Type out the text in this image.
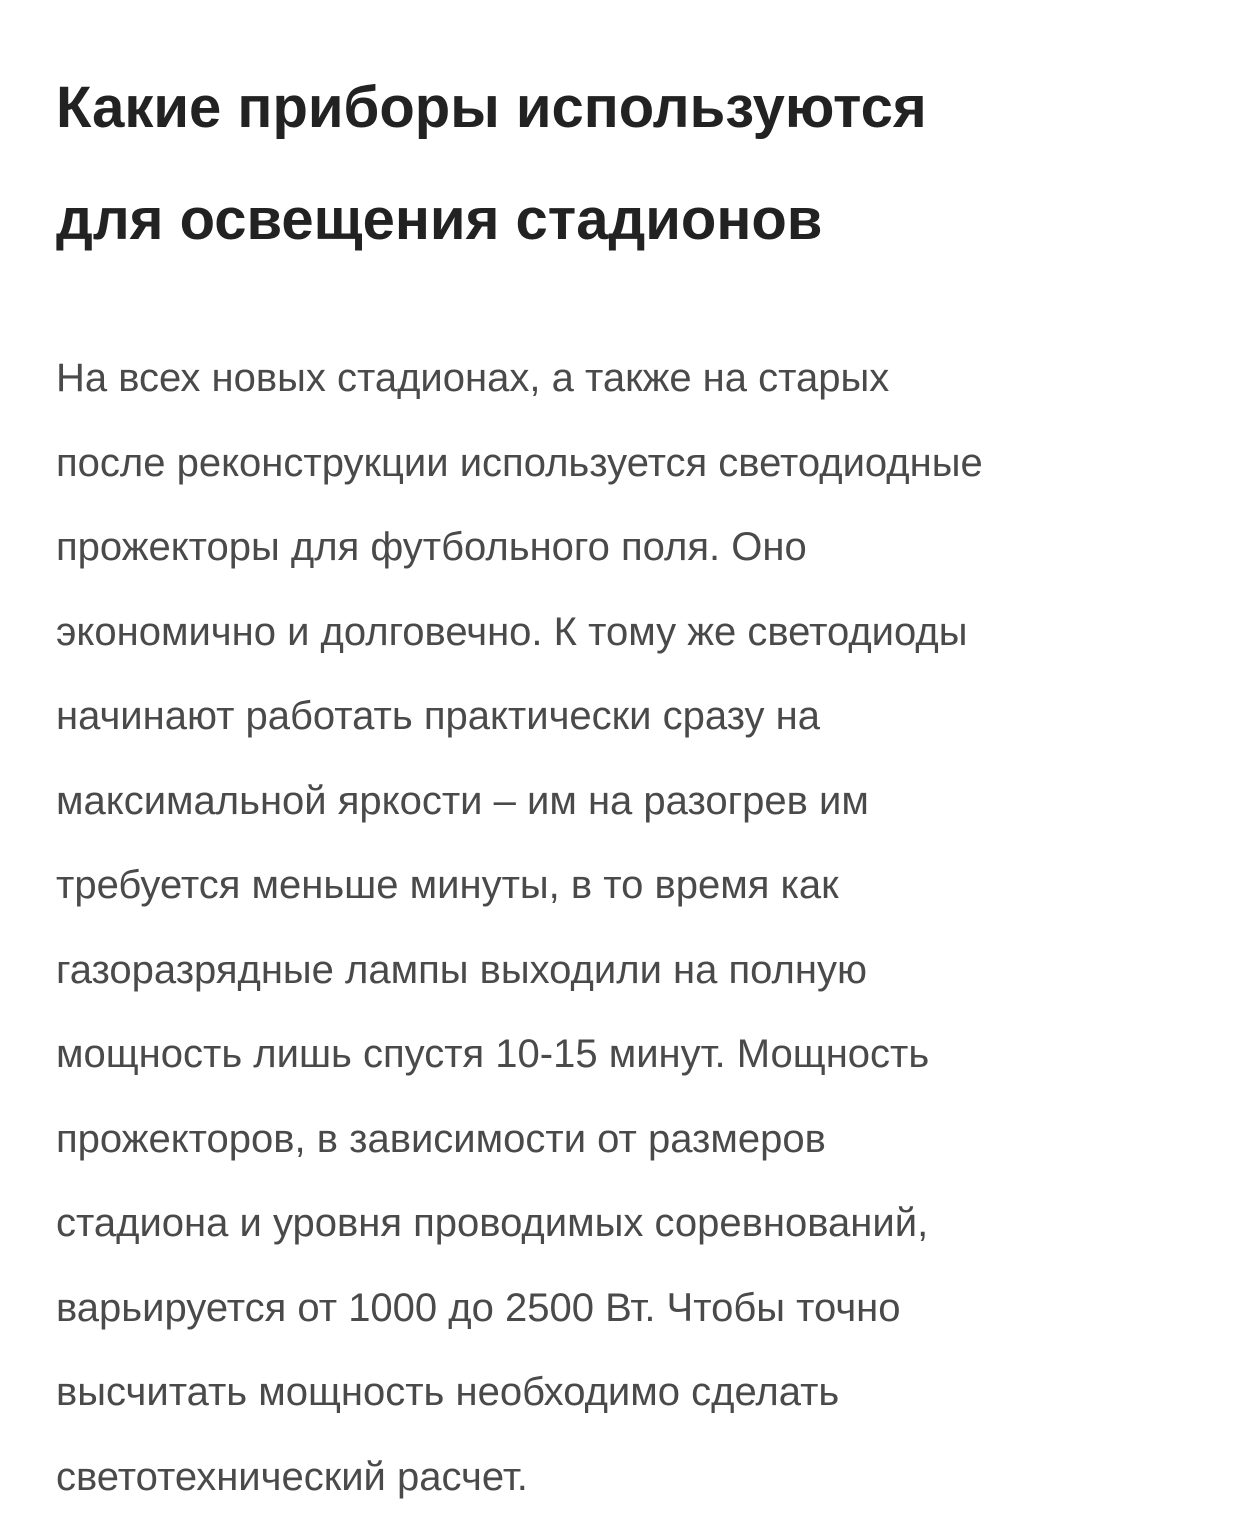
Какие приборы используются
для освещения стадионов

На всех новых стадионах, а также на старых
после реконструкции используется светодиодные
прожекторы для футбольного поля. Оно
экономично и долговечно. К тому же светодиоды
начинают работать практически сразу на
максимальной яркости – им на разогрев им
требуется меньше минуты, в то время как
газоразрядные лампы выходили на полную
мощность лишь спустя 10-15 минут. Мощность
прожекторов, в зависимости от размеров
стадиона и уровня проводимых соревнований,
варьируется от 1000 до 2500 Вт. Чтобы точно
высчитать мощность необходимо сделать
светотехнический расчет.
